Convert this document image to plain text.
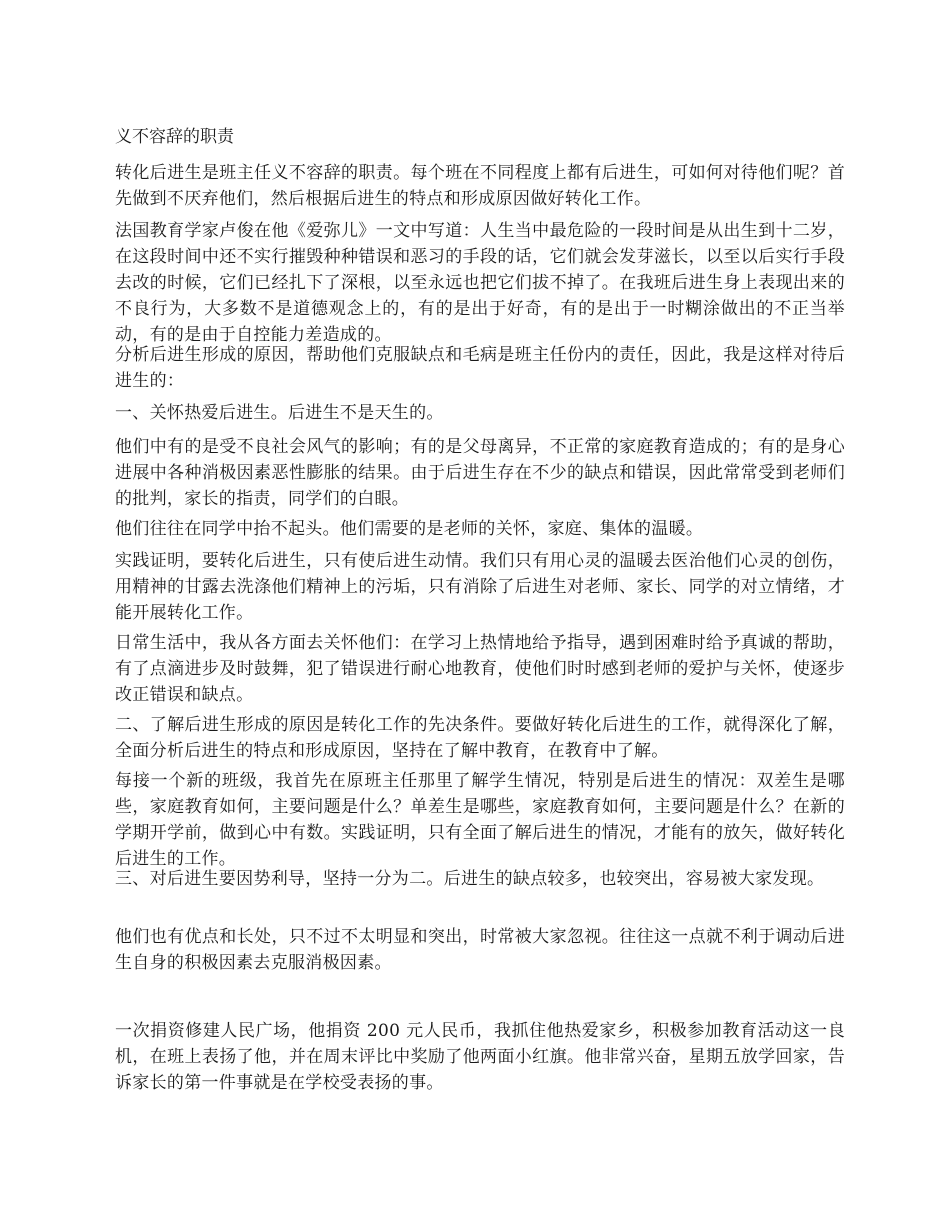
义不容辞的职责

转化后进生是班主任义不容辞的职责。每个班在不同程度上都有后进生，可如何对待他们呢？首先做到不厌弃他们，然后根据后进生的特点和形成原因做好转化工作。

法国教育学家卢俊在他《爱弥儿》一文中写道：人生当中最危险的一段时间是从出生到十二岁，在这段时间中还不实行摧毁种种错误和恶习的手段的话，它们就会发芽滋长，以至以后实行手段去改的时候，它们已经扎下了深根，以至永远也把它们拔不掉了。在我班后进生身上表现出来的不良行为，大多数不是道德观念上的，有的是出于好奇，有的是出于一时糊涂做出的不正当举动，有的是由于自控能力差造成的。

分析后进生形成的原因，帮助他们克服缺点和毛病是班主任份内的责任，因此，我是这样对待后进生的：

一、关怀热爱后进生。后进生不是天生的。

他们中有的是受不良社会风气的影响；有的是父母离异，不正常的家庭教育造成的；有的是身心进展中各种消极因素恶性膨胀的结果。由于后进生存在不少的缺点和错误，因此常常受到老师们的批判，家长的指责，同学们的白眼。

他们往往在同学中抬不起头。他们需要的是老师的关怀，家庭、集体的温暖。

实践证明，要转化后进生，只有使后进生动情。我们只有用心灵的温暖去医治他们心灵的创伤，用精神的甘露去洗涤他们精神上的污垢，只有消除了后进生对老师、家长、同学的对立情绪，才能开展转化工作。

日常生活中，我从各方面去关怀他们：在学习上热情地给予指导，遇到困难时给予真诚的帮助，有了点滴进步及时鼓舞，犯了错误进行耐心地教育，使他们时时感到老师的爱护与关怀，使逐步改正错误和缺点。

二、了解后进生形成的原因是转化工作的先决条件。要做好转化后进生的工作，就得深化了解，全面分析后进生的特点和形成原因，坚持在了解中教育，在教育中了解。

每接一个新的班级，我首先在原班主任那里了解学生情况，特别是后进生的情况：双差生是哪些，家庭教育如何，主要问题是什么？单差生是哪些，家庭教育如何，主要问题是什么？在新的学期开学前，做到心中有数。实践证明，只有全面了解后进生的情况，才能有的放矢，做好转化后进生的工作。

三、对后进生要因势利导，坚持一分为二。后进生的缺点较多，也较突出，容易被大家发现。

他们也有优点和长处，只不过不太明显和突出，时常被大家忽视。往往这一点就不利于调动后进生自身的积极因素去克服消极因素。

一次捐资修建人民广场，他捐资 200 元人民币，我抓住他热爱家乡，积极参加教育活动这一良机，在班上表扬了他，并在周末评比中奖励了他两面小红旗。他非常兴奋，星期五放学回家，告诉家长的第一件事就是在学校受表扬的事。
